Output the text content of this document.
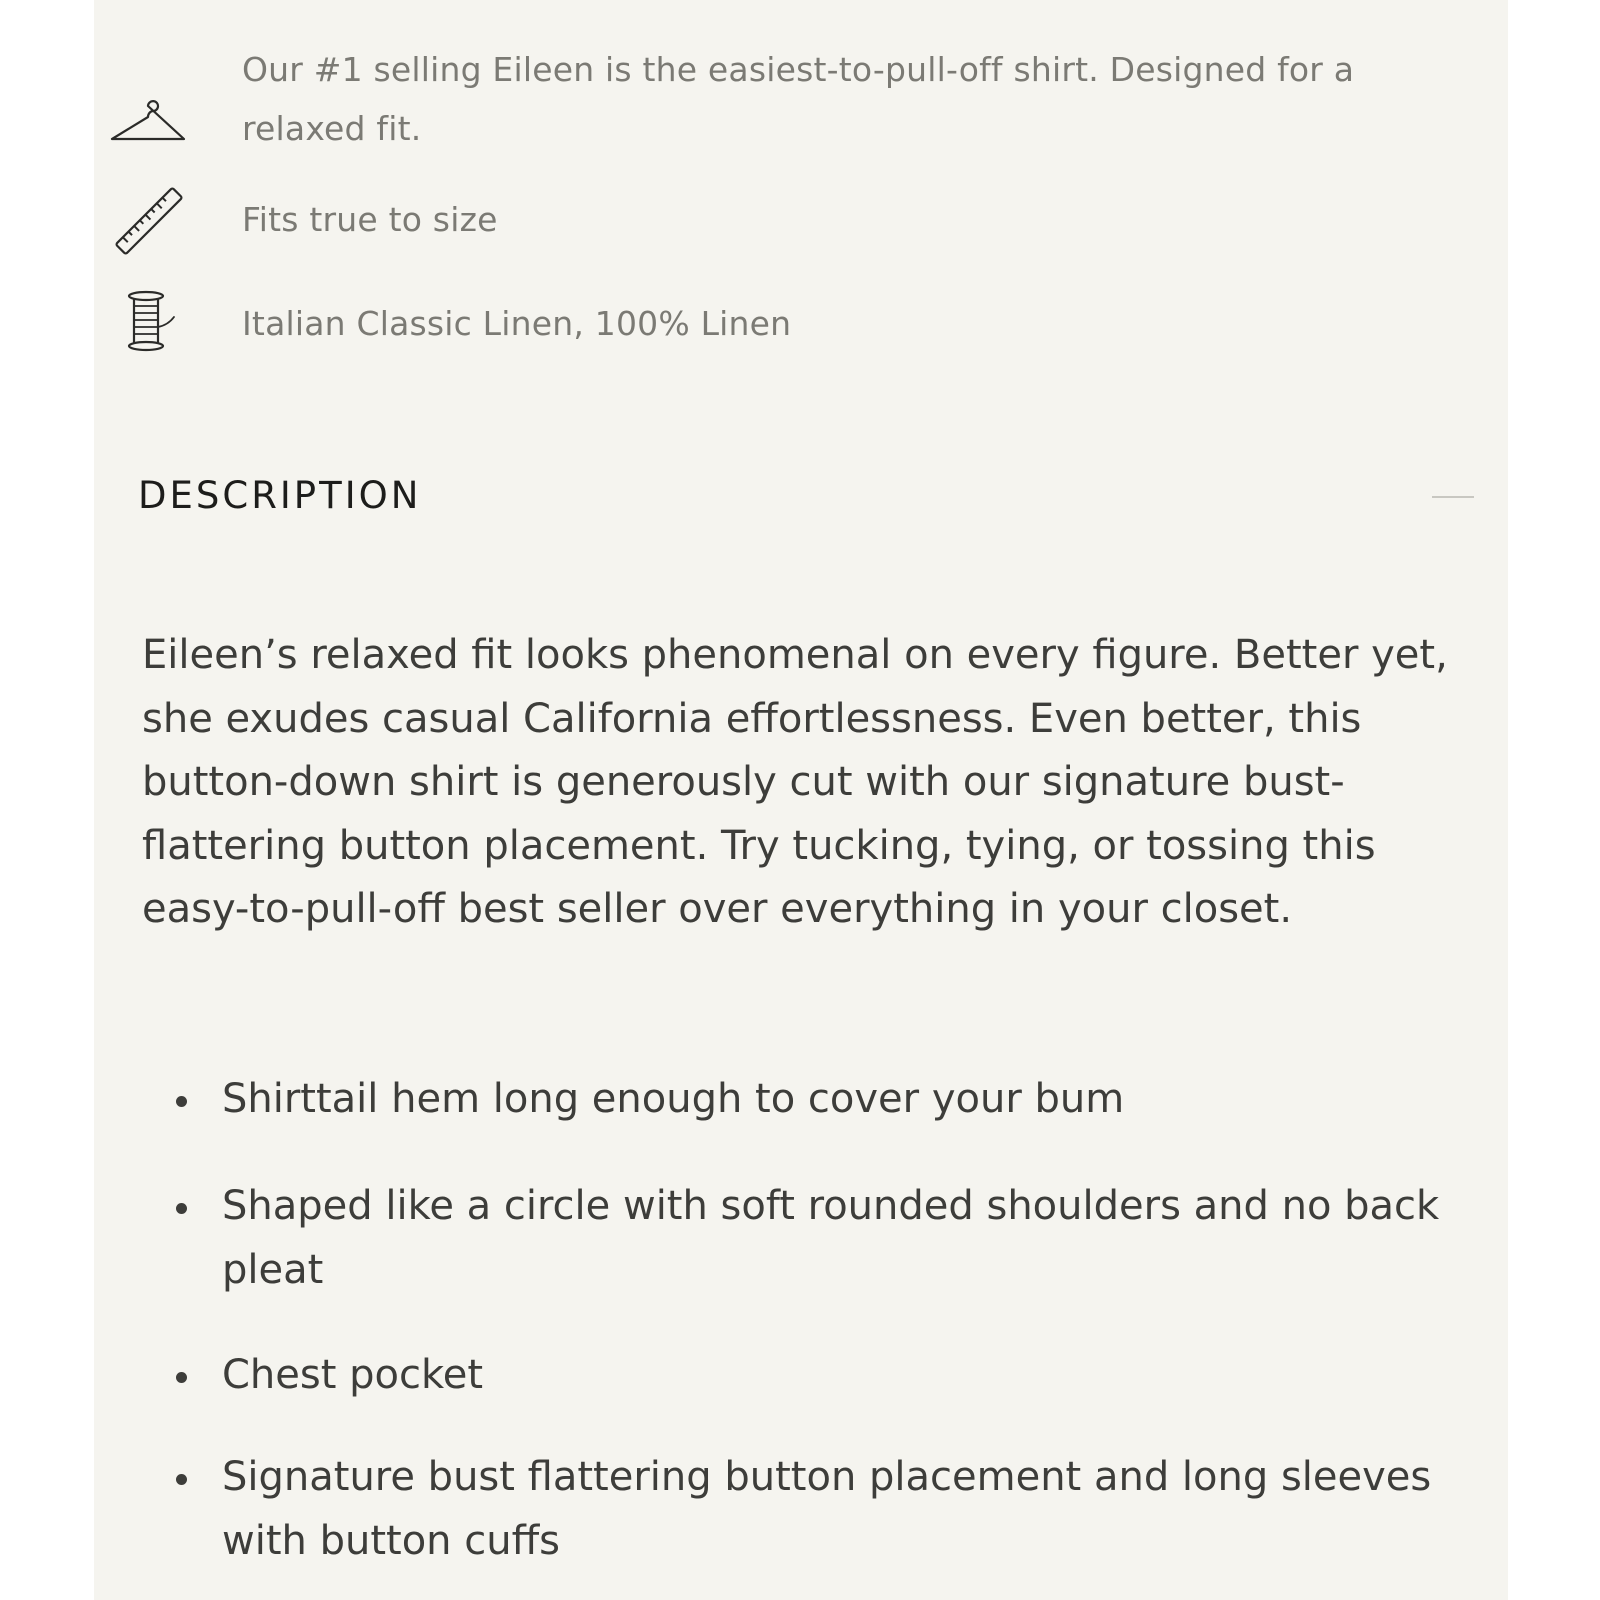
Our #1 selling Eileen is the easiest-to-pull-off shirt. Designed for a relaxed fit.
Fits true to size
Italian Classic Linen, 100% Linen
DESCRIPTION

Eileen’s relaxed fit looks phenomenal on every figure. Better yet, she exudes casual California effortlessness. Even better, this button-down shirt is generously cut with our signature bust-flattering button placement. Try tucking, tying, or tossing this easy-to-pull-off best seller over everything in your closet.

Shirttail hem long enough to cover your bum
Shaped like a circle with soft rounded shoulders and no back pleat
Chest pocket
Signature bust flattering button placement and long sleeves with button cuffs
